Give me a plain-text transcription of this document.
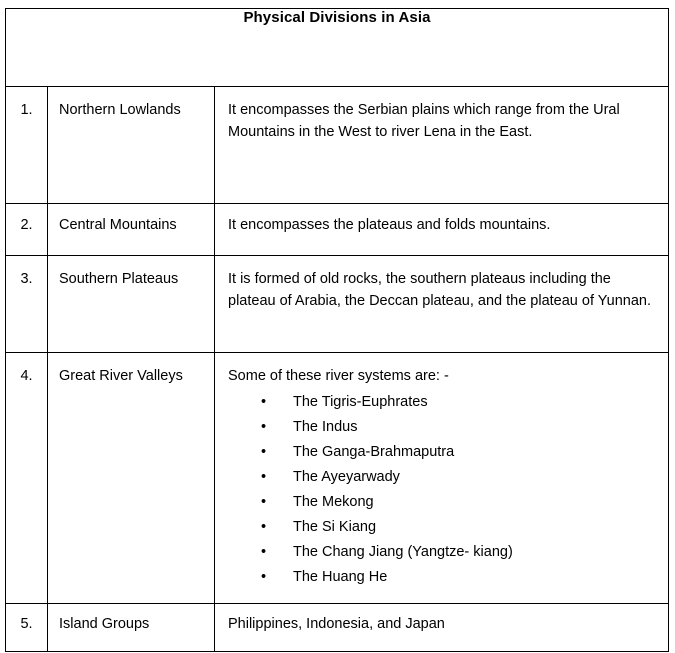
Physical Divisions in Asia		

1.	Northern Lowlands	It encompasses the Serbian plains which range from the Ural Mountains in the West to river Lena in the East.

2.	Central Mountains	It encompasses the plateaus and folds mountains.

3.	Southern Plateaus	It is formed of old rocks, the southern plateaus including the plateau of Arabia, the Deccan plateau, and the plateau of Yunnan.

4.	Great River Valleys	Some of these river systems are: -
• The Tigris-Euphrates
• The Indus
• The Ganga-Brahmaputra
• The Ayeyarwady
• The Mekong
• The Si Kiang
• The Chang Jiang (Yangtze- kiang)
• The Huang He

5.	Island Groups	Philippines, Indonesia, and Japan
